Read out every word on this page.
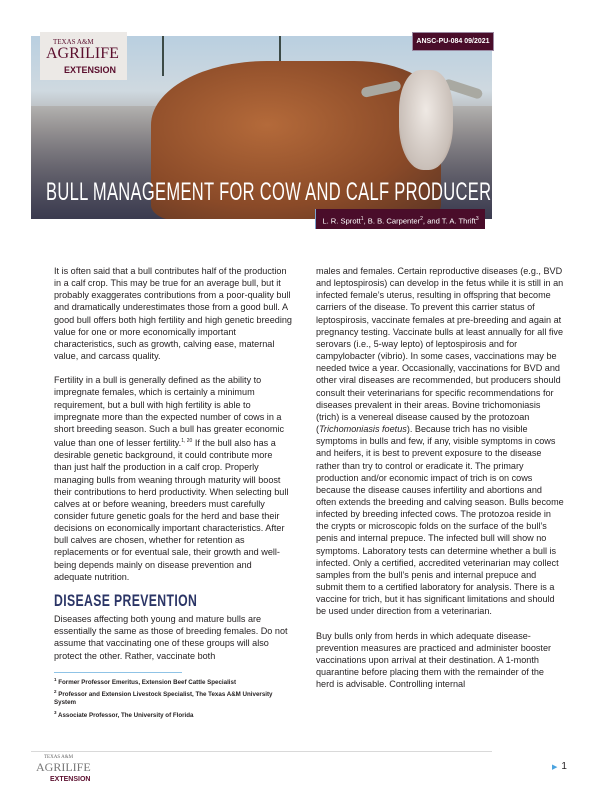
TEXAS A&M
AGRILIFE
EXTENSION
ANSC-PU-084 09/2021
BULL MANAGEMENT FOR COW AND CALF PRODUCERS
L. R. Sprott$^1$, B. B. Carpenter$^2$, and T. A. Thrift$^3$

It is often said that a bull contributes half of the production in a calf crop. This may be true for an average bull, but it probably exaggerates contributions from a poor-quality bull and dramatically underestimates those from a good bull. A good bull offers both high fertility and high genetic breeding value for one or more economically important characteristics, such as growth, calving ease, maternal value, and carcass quality.

Fertility in a bull is generally defined as the ability to impregnate females, which is certainly a minimum requirement, but a bull with high fertility is able to impregnate more than the expected number of cows in a short breeding season. Such a bull has greater economic value than one of lesser fertility.$^{1, 20}$ If the bull also has a desirable genetic background, it could contribute more than just half the production in a calf crop. Properly managing bulls from weaning through maturity will boost their contributions to herd productivity. When selecting bull calves at or before weaning, breeders must carefully consider future genetic goals for the herd and base their decisions on economically important characteristics. After bull calves are chosen, whether for retention as replacements or for eventual sale, their growth and well-being depends mainly on disease prevention and adequate nutrition.

DISEASE PREVENTION

Diseases affecting both young and mature bulls are essentially the same as those of breeding females. Do not assume that vaccinating one of these groups will also protect the other. Rather, vaccinate both

males and females. Certain reproductive diseases (e.g., BVD and leptospirosis) can develop in the fetus while it is still in an infected female’s uterus, resulting in offspring that become carriers of the disease. To prevent this carrier status of leptospirosis, vaccinate females at pre-breeding and again at pregnancy testing. Vaccinate bulls at least annually for all five serovars (i.e., 5-way lepto) of leptospirosis and for campylobacter (vibrio). In some cases, vaccinations may be needed twice a year. Occasionally, vaccinations for BVD and other viral diseases are recommended, but producers should consult their veterinarians for specific recommendations for diseases prevalent in their areas. Bovine trichomoniasis (trich) is a venereal disease caused by the protozoan (Trichomoniasis foetus). Because trich has no visible symptoms in bulls and few, if any, visible symptoms in cows and heifers, it is best to prevent exposure to the disease rather than try to control or eradicate it. The primary production and/or economic impact of trich is on cows because the disease causes infertility and abortions and often extends the breeding and calving season. Bulls become infected by breeding infected cows. The protozoa reside in the crypts or microscopic folds on the surface of the bull’s penis and internal prepuce. The infected bull will show no symptoms. Laboratory tests can determine whether a bull is infected. Only a certified, accredited veterinarian may collect samples from the bull’s penis and internal prepuce and submit them to a certified laboratory for analysis. There is a vaccine for trich, but it has significant limitations and should be used under direction from a veterinarian.

Buy bulls only from herds in which adequate disease-prevention measures are practiced and administer booster vaccinations upon arrival at their destination. A 1-month quarantine before placing them with the remainder of the herd is advisable. Controlling internal

$^1$ Former Professor Emeritus, Extension Beef Cattle Specialist
$^2$ Professor and Extension Livestock Specialist, The Texas A&M University System
$^3$ Associate Professor, The University of Florida
TEXAS A&M
AGRILIFE
EXTENSION
▶ 1
